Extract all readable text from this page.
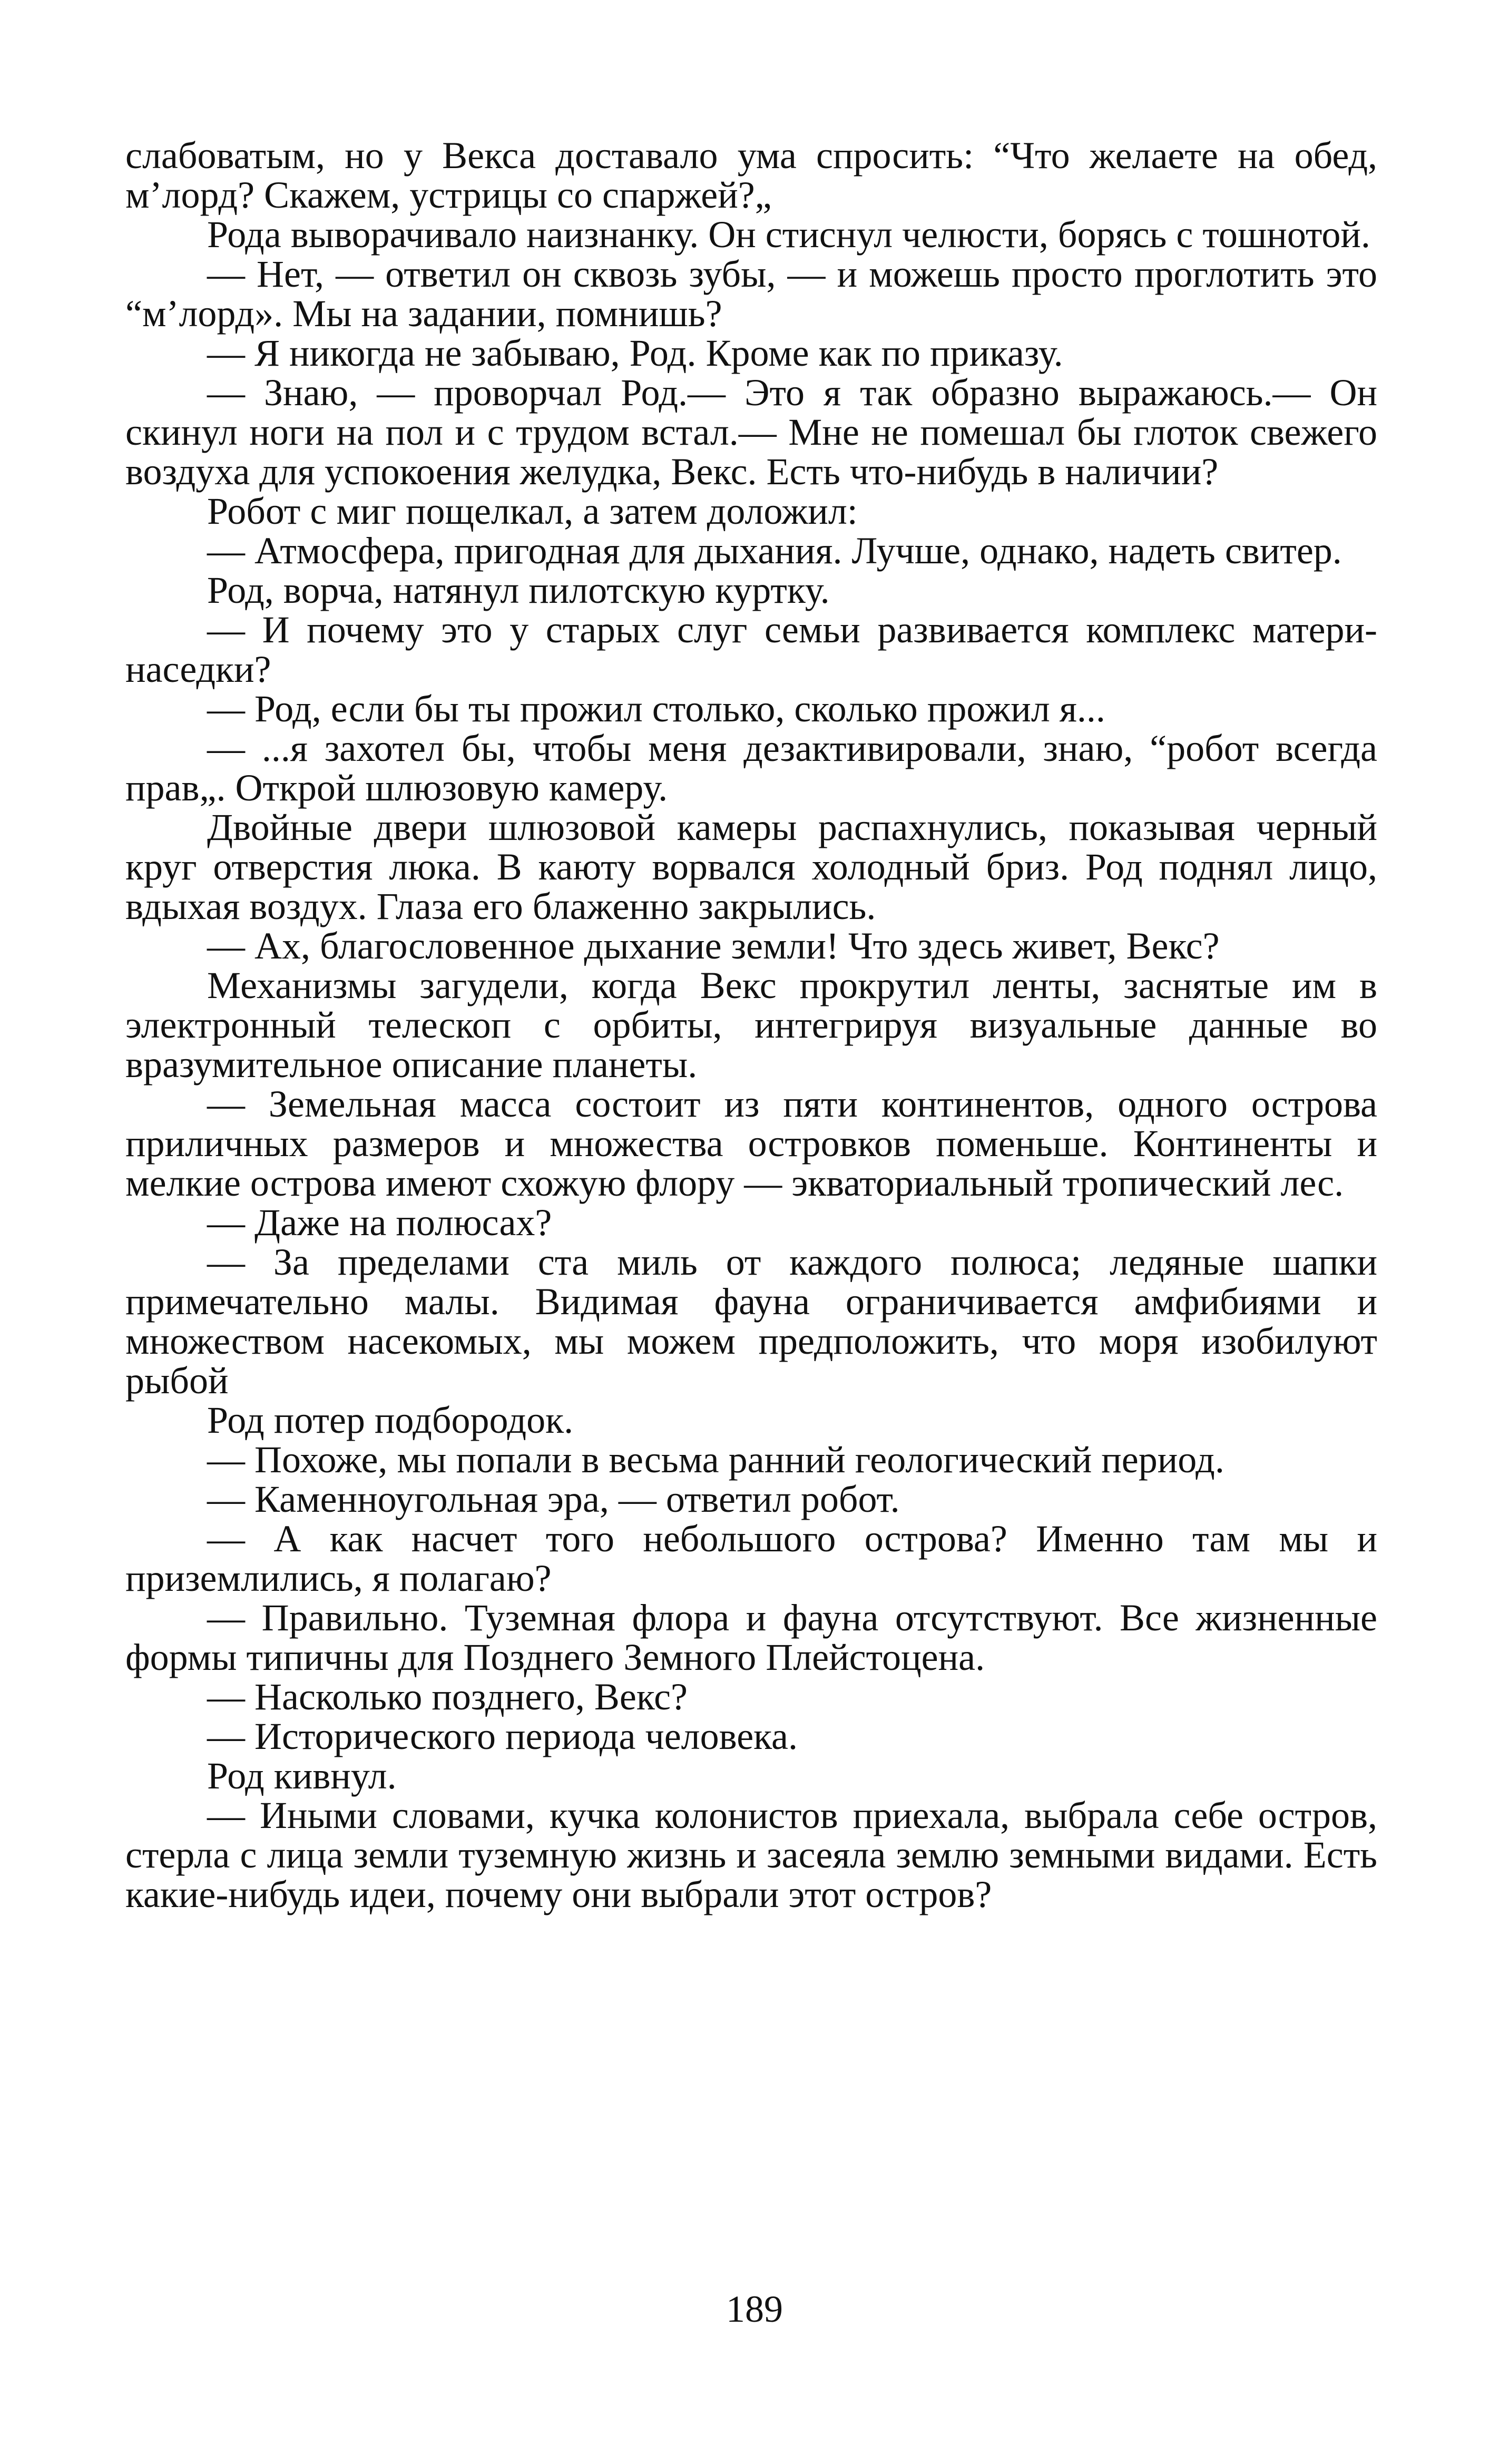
слабоватым, но у Векса доставало ума спросить: “Что желаете на обед, м’лорд? Скажем, устрицы со спаржей?„

Рода выворачивало наизнанку. Он стиснул челюсти, борясь с тошнотой.

— Нет, — ответил он сквозь зубы, — и можешь просто проглотить это “м’лорд». Мы на задании, помнишь?

— Я никогда не забываю, Род. Кроме как по приказу.

— Знаю, — проворчал Род.— Это я так образно выражаюсь.— Он скинул ноги на пол и с трудом встал.— Мне не помешал бы глоток свежего воздуха для успокоения желудка, Векс. Есть что-нибудь в наличии?

Робот с миг пощелкал, а затем доложил:

— Атмосфера, пригодная для дыхания. Лучше, однако, надеть свитер.

Род, ворча, натянул пилотскую куртку.

— И почему это у старых слуг семьи развивается комплекс матери-наседки?

— Род, если бы ты прожил столько, сколько прожил я...

— ...я захотел бы, чтобы меня дезактивировали, знаю, “робот всегда прав„. Открой шлюзовую камеру.

Двойные двери шлюзовой камеры распахнулись, показывая черный круг отверстия люка. В каюту ворвался холодный бриз. Род поднял лицо, вдыхая воздух. Глаза его блаженно закрылись.

— Ах, благословенное дыхание земли! Что здесь живет, Векс?

Механизмы загудели, когда Векс прокрутил ленты, заснятые им в электронный телескоп с орбиты, интегрируя визуальные данные во вразумительное описание планеты.

— Земельная масса состоит из пяти континентов, одного острова приличных размеров и множества островков поменьше. Континенты и мелкие острова имеют схожую флору — экваториальный тропический лес.

— Даже на полюсах?

— За пределами ста миль от каждого полюса; ледяные шапки примечательно малы. Видимая фауна ограничивается амфибиями и множеством насекомых, мы можем предположить, что моря изобилуют рыбой

Род потер подбородок.

— Похоже, мы попали в весьма ранний геологический период.

— Каменноугольная эра, — ответил робот.

— А как насчет того небольшого острова? Именно там мы и приземлились, я полагаю?

— Правильно. Туземная флора и фауна отсутствуют. Все жизненные формы типичны для Позднего Земного Плейстоцена.

— Насколько позднего, Векс?

— Исторического периода человека.

Род кивнул.

— Иными словами, кучка колонистов приехала, выбрала себе остров, стерла с лица земли туземную жизнь и засеяла землю земными видами. Есть какие-нибудь идеи, почему они выбрали этот остров?

189
